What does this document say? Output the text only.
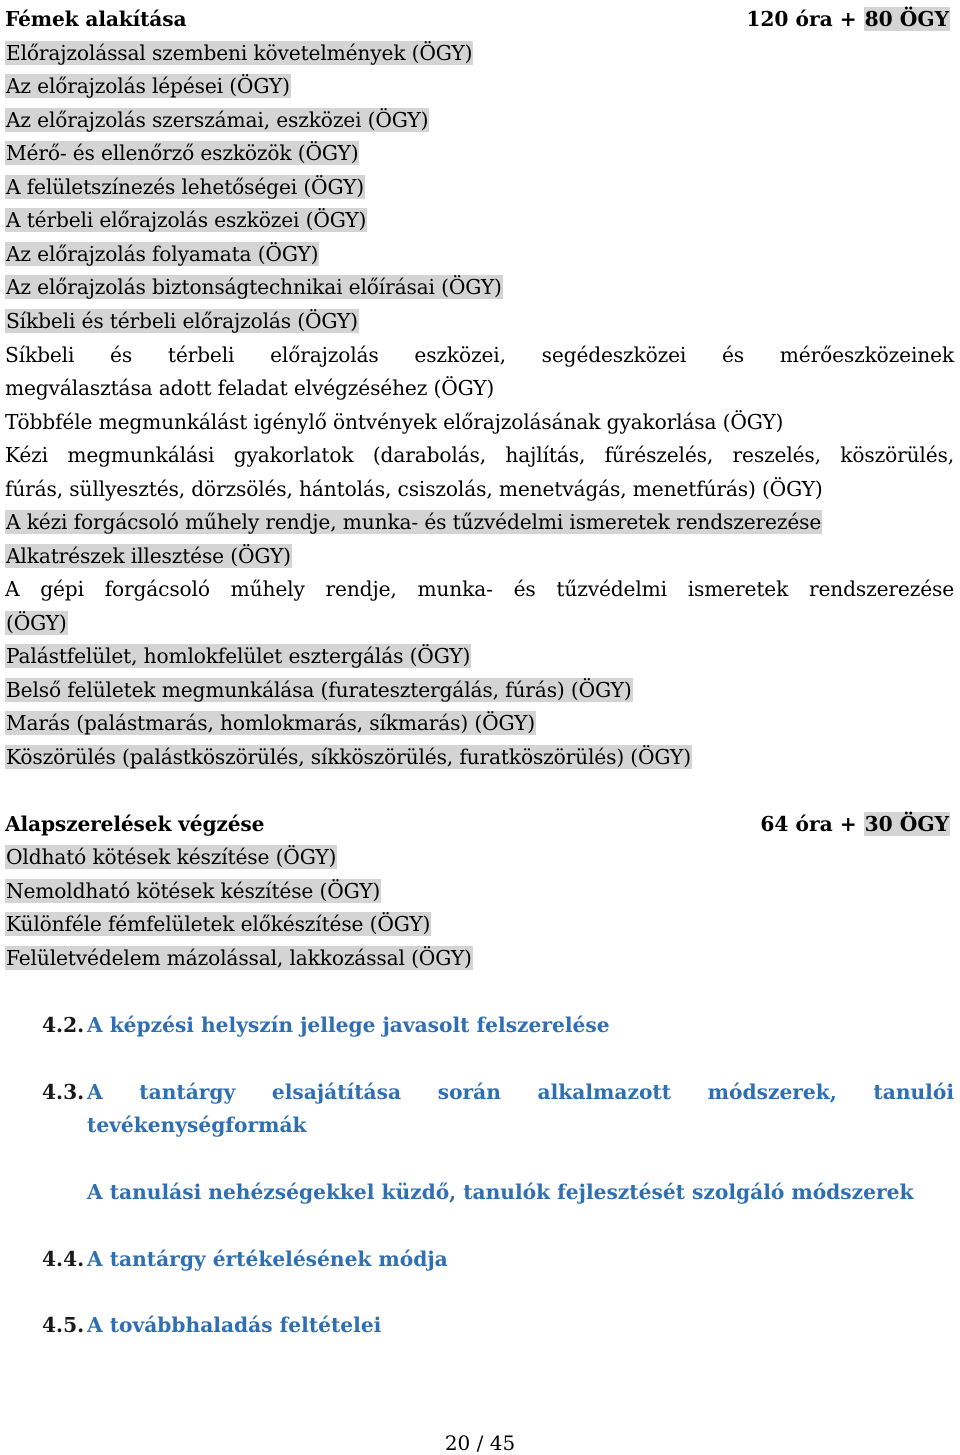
Fémek alakítása	120 óra + 80 ÖGY
Előrajzolással szembeni követelmények (ÖGY)
Az előrajzolás lépései (ÖGY)
Az előrajzolás szerszámai, eszközei (ÖGY)
Mérő- és ellenőrző eszközök (ÖGY)
A felületszínezés lehetőségei (ÖGY)
A térbeli előrajzolás eszközei (ÖGY)
Az előrajzolás folyamata (ÖGY)
Az előrajzolás biztonságtechnikai előírásai (ÖGY)
Síkbeli és térbeli előrajzolás (ÖGY)
Síkbeli és térbeli előrajzolás eszközei, segédeszközei és mérőeszközeinek
megválasztása adott feladat elvégzéséhez (ÖGY)
Többféle megmunkálást igénylő öntvények előrajzolásának gyakorlása (ÖGY)
Kézi megmunkálási gyakorlatok (darabolás, hajlítás, fűrészelés, reszelés, köszörülés,
fúrás, süllyesztés, dörzsölés, hántolás, csiszolás, menetvágás, menetfúrás) (ÖGY)
A kézi forgácsoló műhely rendje, munka- és tűzvédelmi ismeretek rendszerezése
Alkatrészek illesztése (ÖGY)
A gépi forgácsoló műhely rendje, munka- és tűzvédelmi ismeretek rendszerezése
(ÖGY)
Palástfelület, homlokfelület esztergálás (ÖGY)
Belső felületek megmunkálása (furatesztergálás, fúrás) (ÖGY)
Marás (palástmarás, homlokmarás, síkmarás) (ÖGY)
Köszörülés (palástköszörülés, síkköszörülés, furatköszörülés) (ÖGY)
Alapszerelések végzése	64 óra + 30 ÖGY
Oldható kötések készítése (ÖGY)
Nemoldható kötések készítése (ÖGY)
Különféle fémfelületek előkészítése (ÖGY)
Felületvédelem mázolással, lakkozással (ÖGY)
4.2. A képzési helyszín jellege javasolt felszerelése
4.3. A tantárgy elsajátítása során alkalmazott módszerek, tanulói tevékenységformák
A tanulási nehézségekkel küzdő, tanulók fejlesztését szolgáló módszerek
4.4. A tantárgy értékelésének módja
4.5. A továbbhaladás feltételei
20 / 45
